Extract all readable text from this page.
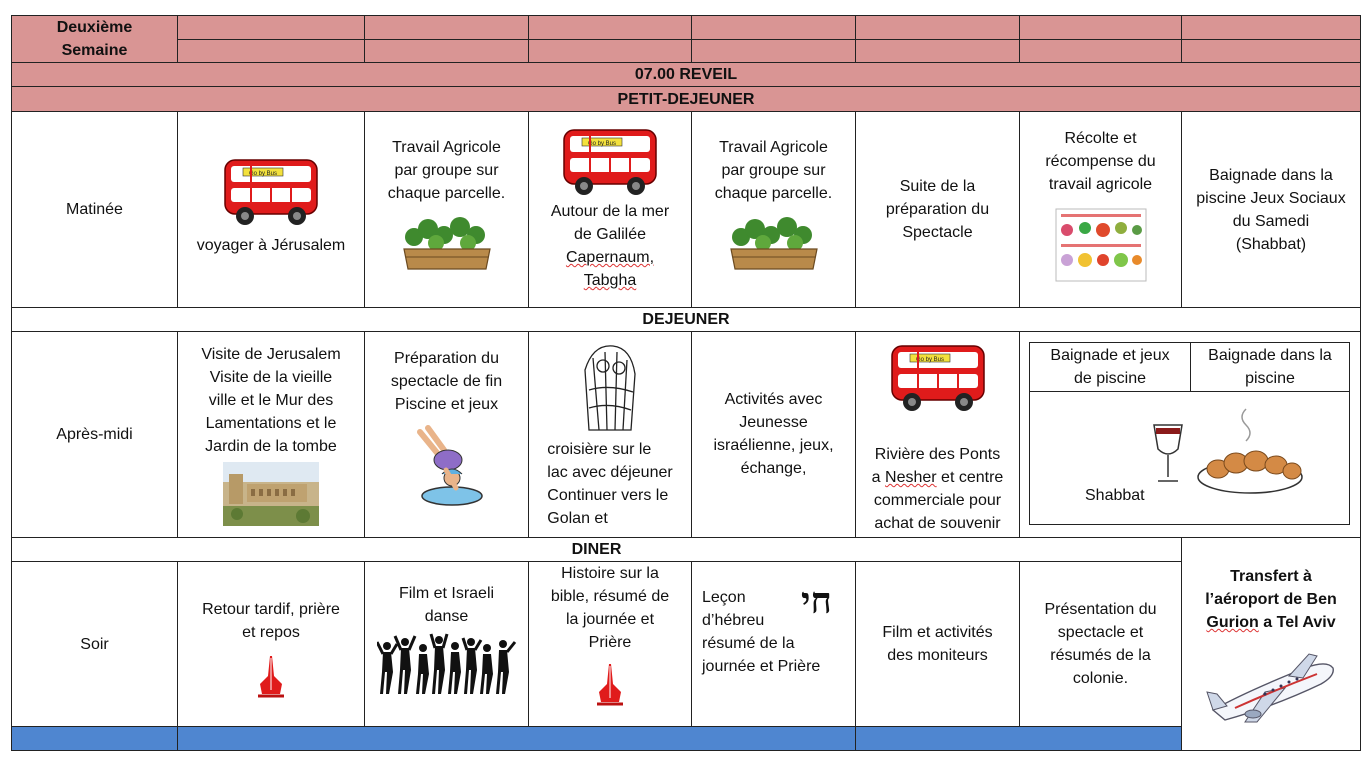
Deuxième
Semaine
07.00 REVEIL
PETIT-DEJEUNER
Matinée
Go by Bus
voyager à Jérusalem
Travail Agricole
par groupe sur
chaque parcelle.
Go by Bus
Autour de la mer
de Galilée
Capernaum,
Tabgha
Travail Agricole
par groupe sur
chaque parcelle.	Suite de la
préparation du
Spectacle
Récolte et
récompense du
travail agricole
Baignade dans la
piscine Jeux Sociaux
du Samedi
(Shabbat)
DEJEUNER
Après-midi
Visite de Jerusalem
Visite de la vieille
ville et le Mur des
Lamentations et le
Jardin de la tombe
Préparation du
spectacle de fin
Piscine et jeux
croisière sur le
lac avec déjeuner
Continuer vers le
Golan et
Activités avec
Jeunesse
israélienne, jeux,
échange,
Go by Bus

Rivière des Ponts
a Nesher et centre
commerciale pour
achat de souvenir

Baignade et jeux
de piscine
Baignade dans la
piscine
Shabbat
DINER
Soir
Retour tardif, prière
et repos
Film et Israeli
danse
Histoire sur la
bible, résumé de
la journée et
Prière
Leçon
d’hébreu
résumé de la
journée et Prière
חי
Film et activités
des moniteurs
Présentation du
spectacle et
résumés de la
colonie.

Transfert à
l’aéroport de Ben
Gurion a Tel Aviv
